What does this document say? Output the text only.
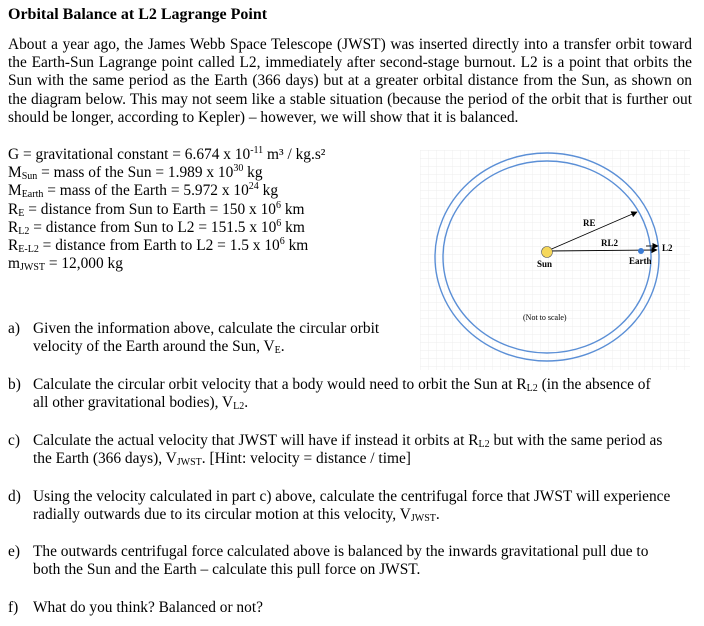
Orbital Balance at L2 Lagrange Point
About a year ago, the James Webb Space Telescope (JWST) was inserted directly into a transfer orbit toward the Earth-Sun Lagrange point called L2, immediately after second-stage burnout. L2 is a point that orbits the Sun with the same period as the Earth (366 days) but at a greater orbital distance from the Sun, as shown on the diagram below. This may not seem like a stable situation (because the period of the orbit that is further out should be longer, according to Kepler) – however, we will show that it is balanced.
G = gravitational constant = 6.674 x $10^{-11}$ m³ / kg.s²
$M_{Sun}$ = mass of the Sun = 1.989 x $10^{30}$ kg
$M_{Earth}$ = mass of the Earth = 5.972 x $10^{24}$ kg
$R_E$ = distance from Sun to Earth = 150 x $10^6$ km
$R_{L2}$ = distance from Sun to L2 = 151.5 x $10^6$ km
$R_{E-L2}$ = distance from Earth to L2 = 1.5 x $10^6$ km
$m_{JWST} = 12,000$ kg
RE
RL2	L2
Sun	Earth
(Not to scale)
a) Given the information above, calculate the circular orbit
velocity of the Earth around the Sun, $V_E$.
b) Calculate the circular orbit velocity that a body would need to orbit the Sun at $R_{L2}$ (in the absence of
all other gravitational bodies), $V_{L2}$.
c) Calculate the actual velocity that JWST will have if instead it orbits at $R_{L2}$ but with the same period as
the Earth (366 days), $V_{JWST}$. [Hint: velocity = distance / time]
d) Using the velocity calculated in part c) above, calculate the centrifugal force that JWST will experience
radially outwards due to its circular motion at this velocity, $V_{JWST}$.
e) The outwards centrifugal force calculated above is balanced by the inwards gravitational pull due to
both the Sun and the Earth – calculate this pull force on JWST.
f) What do you think? Balanced or not?
